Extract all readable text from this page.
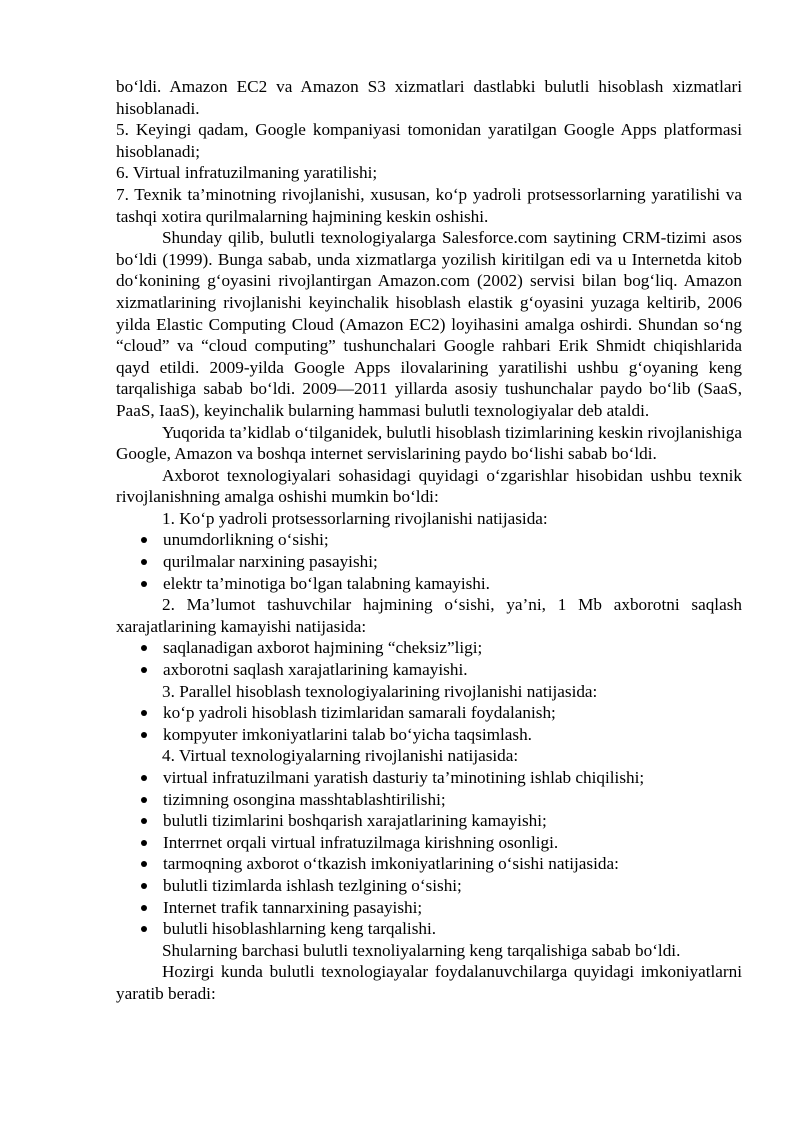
bo‘ldi. Amazon EC2 va Amazon S3 xizmatlari dastlabki bulutli hisoblash xizmatlari hisoblanadi.

5. Keyingi qadam, Google kompaniyasi tomonidan yaratilgan Google Apps platformasi hisoblanadi;

6. Virtual infratuzilmaning yaratilishi;

7. Texnik ta’minotning rivojlanishi, xususan, ko‘p yadroli protsessorlarning yaratilishi va tashqi xotira qurilmalarning hajmining keskin oshishi.

Shunday qilib, bulutli texnologiyalarga Salesforce.com saytining CRM-tizimi asos bo‘ldi (1999). Bunga sabab, unda xizmatlarga yozilish kiritilgan edi va u Internetda kitob do‘konining g‘oyasini rivojlantirgan Amazon.com (2002) servisi bilan bog‘liq. Amazon xizmatlarining rivojlanishi keyinchalik hisoblash elastik g‘oyasini yuzaga keltirib, 2006 yilda Elastic Computing Cloud (Amazon EC2) loyihasini amalga oshirdi. Shundan so‘ng “cloud” va “cloud computing” tushunchalari Google rahbari Erik Shmidt chiqishlarida qayd etildi. 2009-yilda Google Apps ilovalarining yaratilishi ushbu g‘oyaning keng tarqalishiga sabab bo‘ldi. 2009—2011 yillarda asosiy tushunchalar paydo bo‘lib (SaaS, PaaS, IaaS), keyinchalik bularning hammasi bulutli texnologiyalar deb ataldi.

Yuqorida ta’kidlab o‘tilganidek, bulutli hisoblash tizimlarining keskin rivojlanishiga Google, Amazon va boshqa internet servislarining paydo bo‘lishi sabab bo‘ldi.

Axborot texnologiyalari sohasidagi quyidagi o‘zgarishlar hisobidan ushbu texnik rivojlanishning amalga oshishi mumkin bo‘ldi:

1. Ko‘p yadroli protsessorlarning rivojlanishi natijasida:

unumdorlikning o‘sishi;
qurilmalar narxining pasayishi;
elektr ta’minotiga bo‘lgan talabning kamayishi.

2. Ma’lumot tashuvchilar hajmining o‘sishi, ya’ni, 1 Mb axborotni saqlash xarajatlarining kamayishi natijasida:

saqlanadigan axborot hajmining “cheksiz”ligi;
axborotni saqlash xarajatlarining kamayishi.

3. Parallel hisoblash texnologiyalarining rivojlanishi natijasida:

ko‘p yadroli hisoblash tizimlaridan samarali foydalanish;
kompyuter imkoniyatlarini talab bo‘yicha taqsimlash.

4. Virtual texnologiyalarning rivojlanishi natijasida:

virtual infratuzilmani yaratish dasturiy ta’minotining ishlab chiqilishi;
tizimning osongina masshtablashtirilishi;
bulutli tizimlarini boshqarish xarajatlarining kamayishi;
Interrnet orqali virtual infratuzilmaga kirishning osonligi.
tarmoqning axborot o‘tkazish imkoniyatlarining o‘sishi natijasida:
bulutli tizimlarda ishlash tezlgining o‘sishi;
Internet trafik tannarxining pasayishi;
bulutli hisoblashlarning keng tarqalishi.

Shularning barchasi bulutli texnoliyalarning keng tarqalishiga sabab bo‘ldi.

Hozirgi kunda bulutli texnologiayalar foydalanuvchilarga quyidagi imkoniyatlarni yaratib beradi:
